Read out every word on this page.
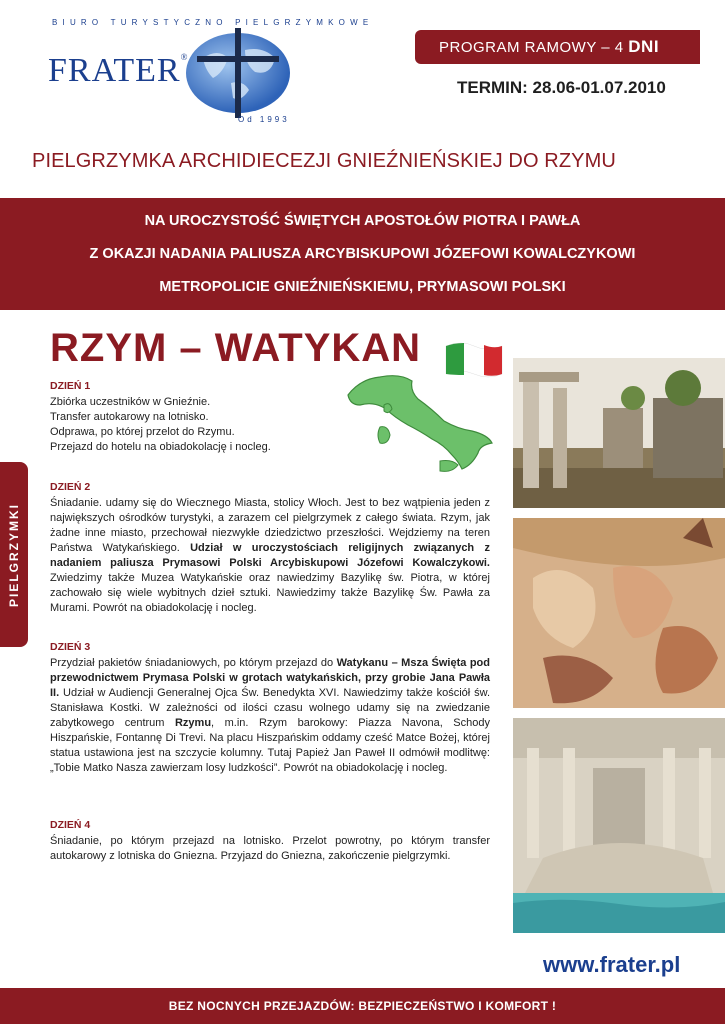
BIURO TURYSTYCZNO PIELGRZYMKOWE
FRATER®
Od 1993
PROGRAM RAMOWY – 4 DNI
TERMIN: 28.06-01.07.2010
PIELGRZYMKA ARCHIDIECEZJI GNIEŹNIEŃSKIEJ DO RZYMU
NA UROCZYSTOŚĆ ŚWIĘTYCH APOSTOŁÓW PIOTRA I PAWŁA
Z OKAZJI NADANIA PALIUSZA ARCYBISKUPOWI JÓZEFOWI KOWALCZYKOWI
METROPOLICIE GNIEŹNIEŃSKIEMU, PRYMASOWI POLSKI
RZYM – WATYKAN
PIELGRZYMKI
DZIEŃ 1
Zbiórka uczestników w Gnieźnie.
Transfer autokarowy na lotnisko.
Odprawa, po której przelot do Rzymu.
Przejazd do hotelu na obiadokolację i nocleg.
DZIEŃ 2
Śniadanie. udamy się do Wiecznego Miasta, stolicy Włoch. Jest to bez wątpienia jeden z największych ośrodków turystyki, a zarazem cel pielgrzymek z całego świata. Rzym, jak żadne inne miasto, przechował niezwykłe dziedzictwo przeszłości. Wejdziemy na teren Państwa Watykańskiego. Udział w uroczystościach religijnych związanych z nadaniem paliusza Prymasowi Polski Arcybiskupowi Józefowi Kowalczykowi. Zwiedzimy także Muzea Watykańskie oraz nawiedzimy Bazylikę św. Piotra, w której zachowało się wiele wybitnych dzieł sztuki. Nawiedzimy także Bazylikę Św. Pawła za Murami. Powrót na obiadokolację i nocleg.
DZIEŃ 3
Przydział pakietów śniadaniowych, po którym przejazd do Watykanu – Msza Święta pod przewodnictwem Prymasa Polski w grotach watykańskich, przy grobie Jana Pawła II. Udział w Audiencji Generalnej Ojca Św. Benedykta XVI. Nawiedzimy także kościół św. Stanisława Kostki. W zależności od ilości czasu wolnego udamy się na zwiedzanie zabytkowego centrum Rzymu, m.in. Rzym barokowy: Piazza Navona, Schody Hiszpańskie, Fontannę Di Trevi. Na placu Hiszpańskim oddamy cześć Matce Bożej, której statua ustawiona jest na szczycie kolumny. Tutaj Papież Jan Paweł II odmówił modlitwę: „Tobie Matko Nasza zawierzam losy ludzkości”. Powrót na obiadokolację i nocleg.
DZIEŃ 4
Śniadanie, po którym przejazd na lotnisko. Przelot powrotny, po którym transfer autokarowy z lotniska do Gniezna. Przyjazd do Gniezna, zakończenie pielgrzymki.
www.frater.pl
BEZ NOCNYCH PRZEJAZDÓW: BEZPIECZEŃSTWO I KOMFORT !
